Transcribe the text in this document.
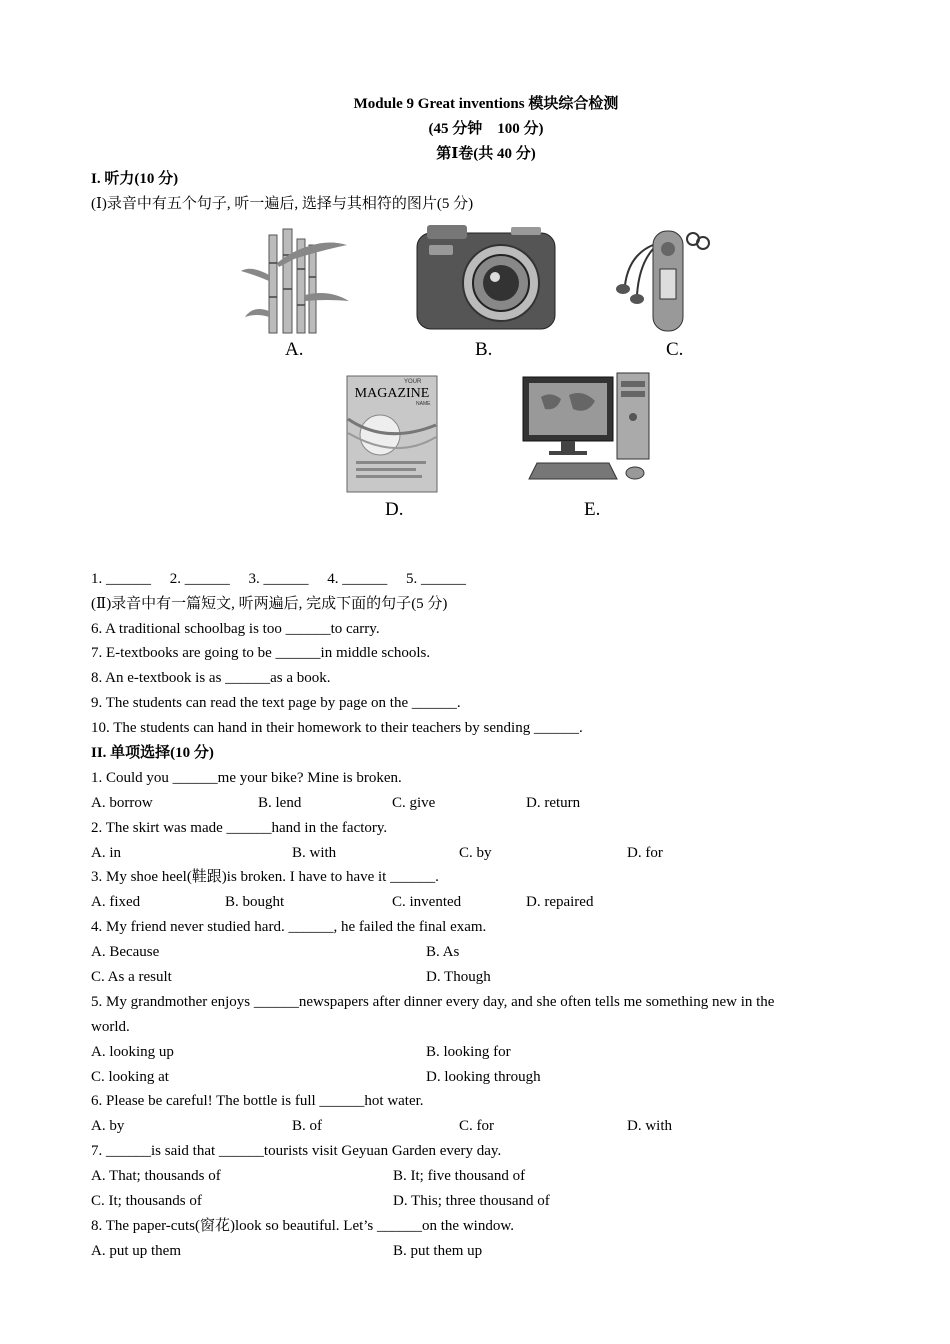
Module 9 Great inventions 模块综合检测
(45 分钟　100 分)
第Ⅰ卷(共 40 分)
I. 听力(10 分)
(Ⅰ)录音中有五个句子, 听一遍后, 选择与其相符的图片(5 分)
A.	B.	C.
YOUR
MAGAZINE
NAME
D.	E.
1. ______　 2. ______　 3. ______　 4. ______　 5. ______
(Ⅱ)录音中有一篇短文, 听两遍后, 完成下面的句子(5 分)
6. A traditional schoolbag is too ______to carry.
7. E-textbooks are going to be ______in middle schools.
8. An e-textbook is as ______as a book.
9. The students can read the text page by page on the ______.
10. The students can hand in their homework to their teachers by sending ______.
II. 单项选择(10 分)
1. Could you ______me your bike? Mine is broken.
A. borrow	B. lend	C. give	D. return
2. The skirt was made ______hand in the factory.
A. in	B. with	C. by	D. for
3. My shoe heel(鞋跟)is broken. I have to have it ______.
A. fixed	B. bought	C. invented	D. repaired
4. My friend never studied hard. ______, he failed the final exam.
A. Because	B. As
C. As a result	D. Though
5. My grandmother enjoys ______newspapers after dinner every day, and she often tells me something new in the
world.
A. looking up	B. looking for
C. looking at	D. looking through
6. Please be careful! The bottle is full ______hot water.
A. by	B. of	C. for	D. with
7. ______is said that ______tourists visit Geyuan Garden every day.
A. That; thousands of	B. It; five thousand of
C. It; thousands of	D. This; three thousand of
8. The paper-cuts(窗花)look so beautiful. Let’s ______on the window.
A. put up them	B. put them up
